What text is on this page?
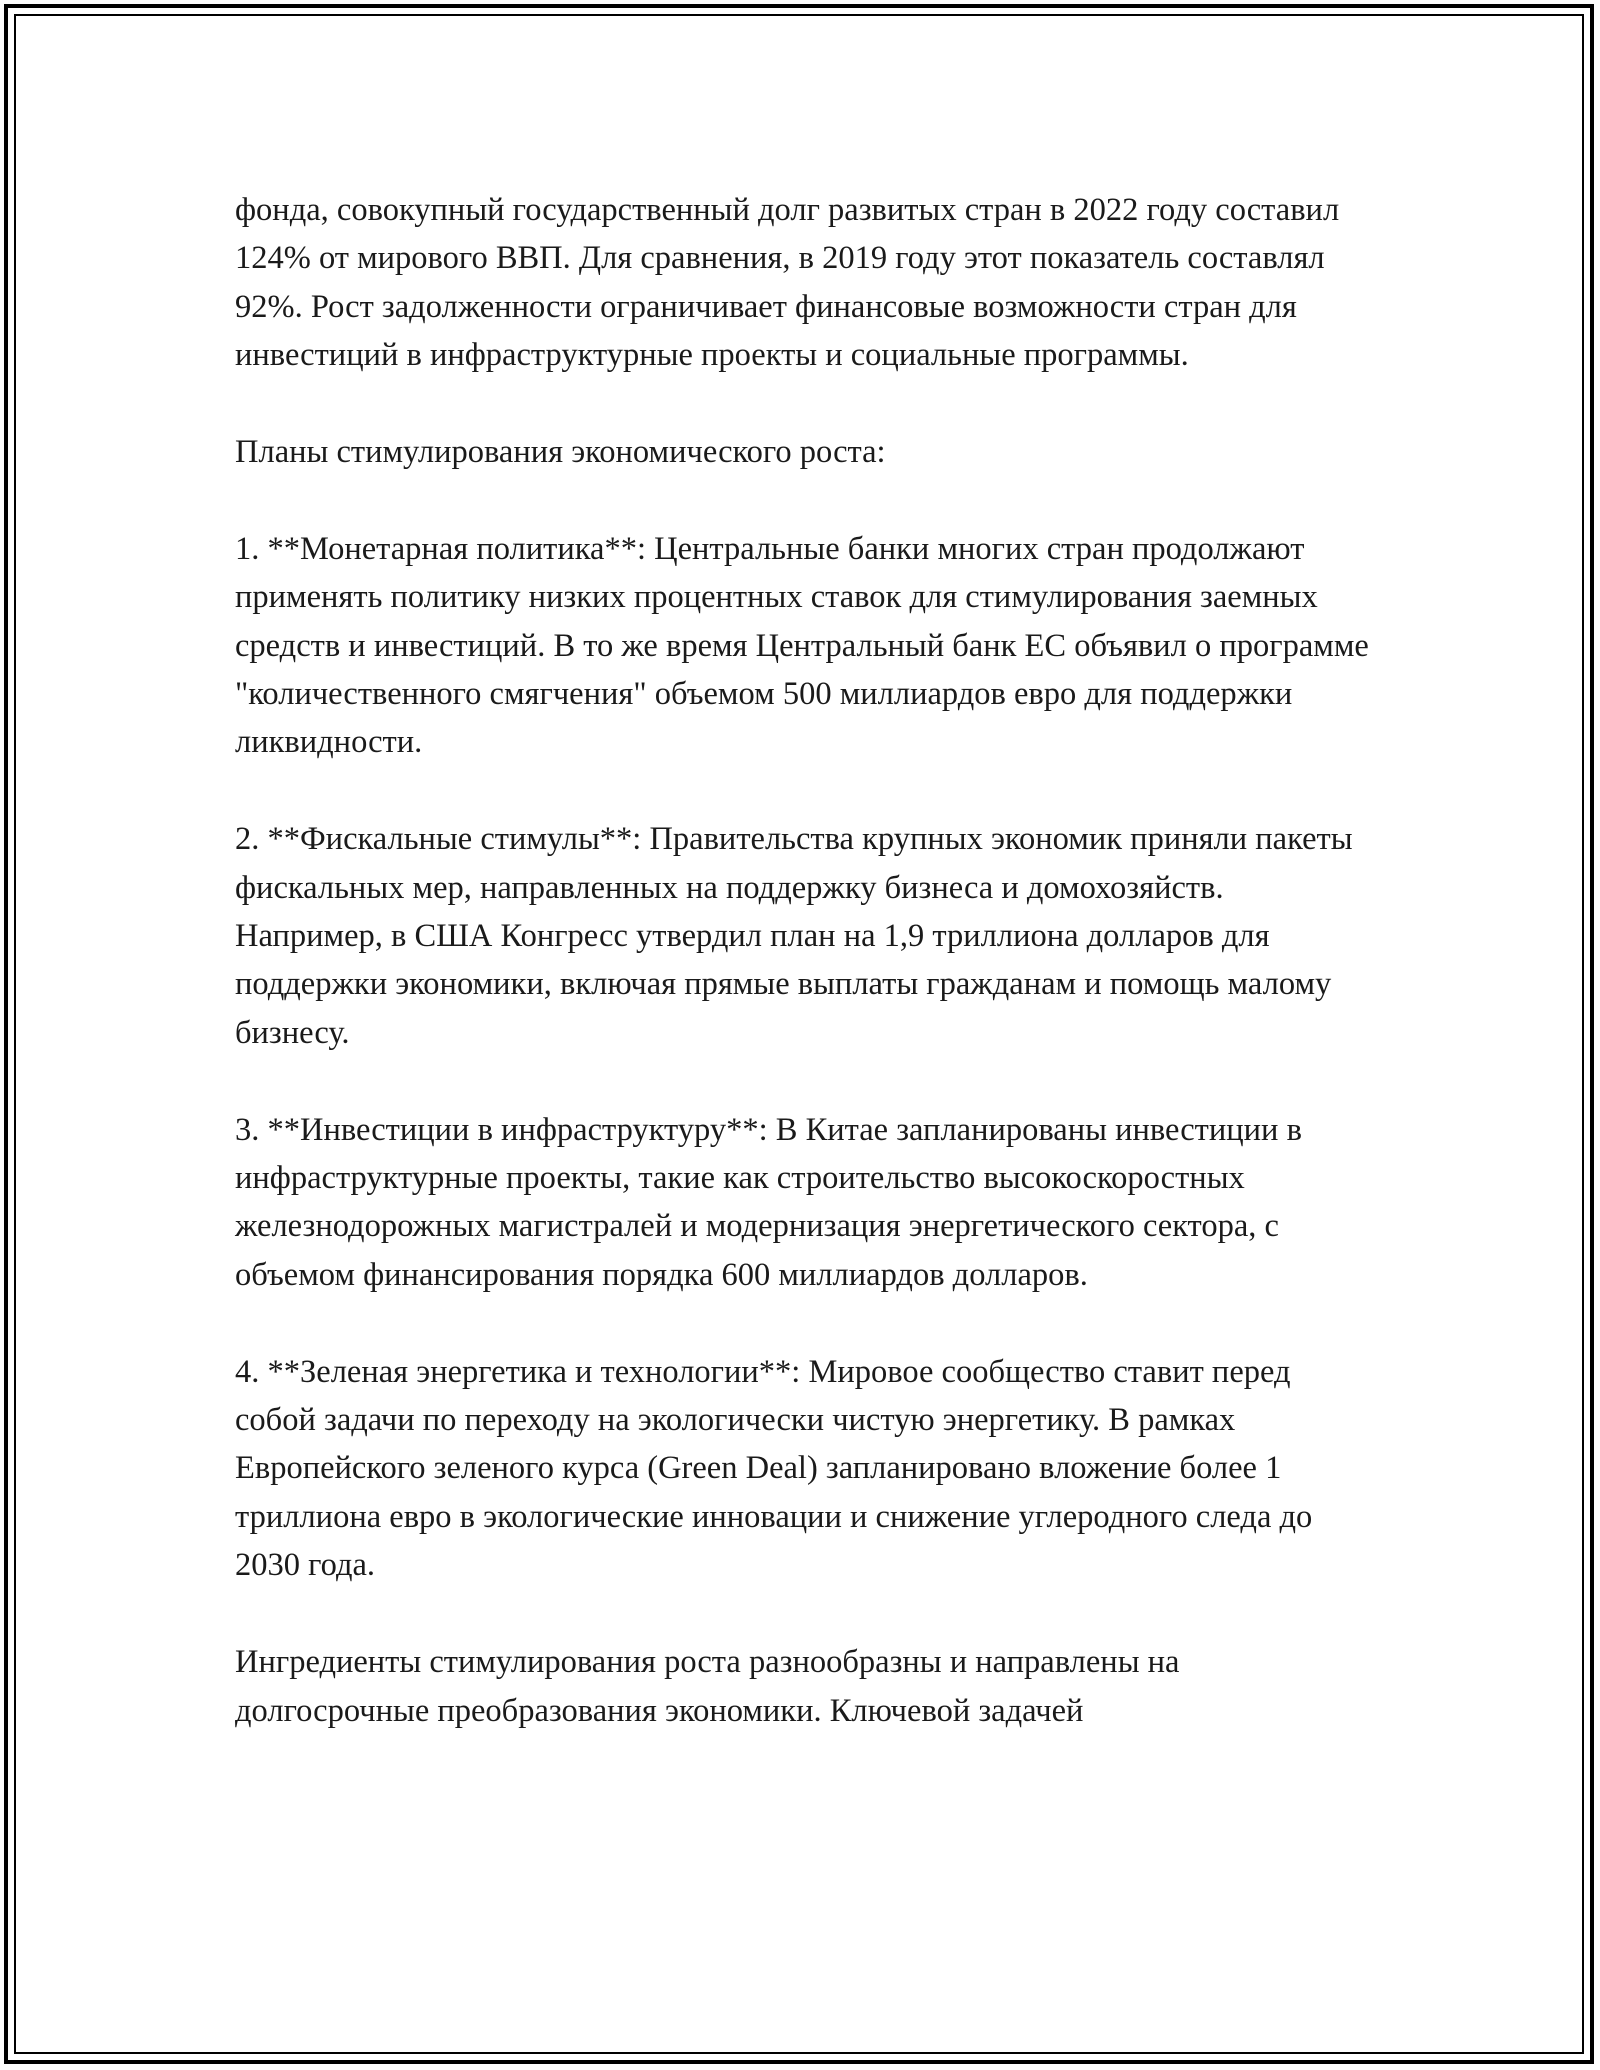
фонда, совокупный государственный долг развитых стран в 2022 году составил 124% от мирового ВВП. Для сравнения, в 2019 году этот показатель составлял 92%. Рост задолженности ограничивает финансовые возможности стран для инвестиций в инфраструктурные проекты и социальные программы.

Планы стимулирования экономического роста:

1. **Монетарная политика**: Центральные банки многих стран продолжают применять политику низких процентных ставок для стимулирования заемных средств и инвестиций. В то же время Центральный банк ЕС объявил о программе "количественного смягчения" объемом 500 миллиардов евро для поддержки ликвидности.

2. **Фискальные стимулы**: Правительства крупных экономик приняли пакеты фискальных мер, направленных на поддержку бизнеса и домохозяйств. Например, в США Конгресс утвердил план на 1,9 триллиона долларов для поддержки экономики, включая прямые выплаты гражданам и помощь малому бизнесу.

3. **Инвестиции в инфраструктуру**: В Китае запланированы инвестиции в инфраструктурные проекты, такие как строительство высокоскоростных железнодорожных магистралей и модернизация энергетического сектора, с объемом финансирования порядка 600 миллиардов долларов.

4. **Зеленая энергетика и технологии**: Мировое сообщество ставит перед собой задачи по переходу на экологически чистую энергетику. В рамках Европейского зеленого курса (Green Deal) запланировано вложение более 1 триллиона евро в экологические инновации и снижение углеродного следа до 2030 года.

Ингредиенты стимулирования роста разнообразны и направлены на долгосрочные преобразования экономики. Ключевой задачей
